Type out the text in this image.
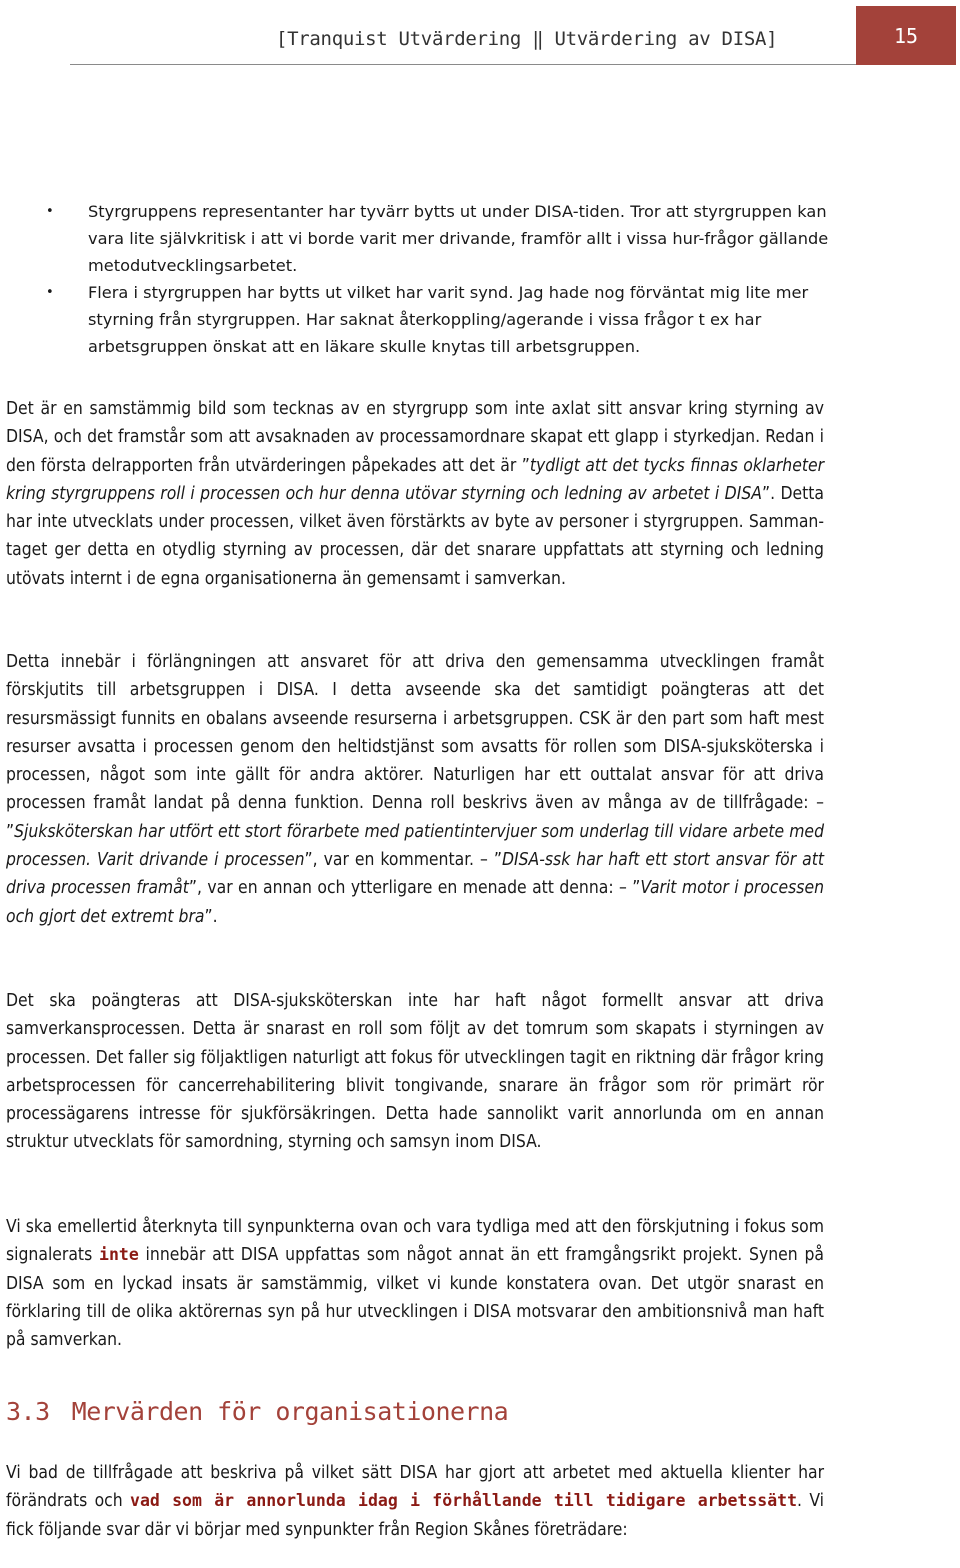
[Tranquist Utvärdering ‖ Utvärdering av DISA]	15
• Styrgruppens representanter har tyvärr bytts ut under DISA-tiden. Tror att styrgruppen kan vara lite självkritisk i att vi borde varit mer drivande, framför allt i vissa hur-frågor gällande metodutvecklingsarbetet.
• Flera i styrgruppen har bytts ut vilket har varit synd. Jag hade nog förväntat mig lite mer styrning från styrgruppen. Har saknat återkoppling/agerande i vissa frågor t ex har arbetsgruppen önskat att en läkare skulle knytas till arbetsgruppen.

Det är en samstämmig bild som tecknas av en styrgrupp som inte axlat sitt ansvar kring styrning av DISA, och det framstår som att avsaknaden av processamordnare skapat ett glapp i styrkedjan. Redan i den första delrapporten från utvärderingen påpekades att det är ”tydligt att det tycks finnas oklarheter kring styrgruppens roll i processen och hur denna utövar styrning och ledning av arbetet i DISA”. Detta har inte utvecklats under processen, vilket även förstärkts av byte av personer i styrgruppen. Sammantaget ger detta en otydlig styrning av processen, där det snarare uppfattats att styrning och ledning utövats internt i de egna organisationerna än gemensamt i samverkan.

Detta innebär i förlängningen att ansvaret för att driva den gemensamma utvecklingen framåt förskjutits till arbetsgruppen i DISA. I detta avseende ska det samtidigt poängteras att det resursmässigt funnits en obalans avseende resurserna i arbetsgruppen. CSK är den part som haft mest resurser avsatta i processen genom den heltidstjänst som avsatts för rollen som DISA-sjuksköterska i processen, något som inte gällt för andra aktörer. Naturligen har ett outtalat ansvar för att driva processen framåt landat på denna funktion. Denna roll beskrivs även av många av de tillfrågade: – ”Sjuksköterskan har utfört ett stort förarbete med patientintervjuer som underlag till vidare arbete med processen. Varit drivande i processen”, var en kommentar. – ”DISA-ssk har haft ett stort ansvar för att driva processen framåt”, var en annan och ytterligare en menade att denna: – ”Varit motor i processen och gjort det extremt bra”.

Det ska poängteras att DISA-sjuksköterskan inte har haft något formellt ansvar att driva samverkansprocessen. Detta är snarast en roll som följt av det tomrum som skapats i styrningen av processen. Det faller sig följaktligen naturligt att fokus för utvecklingen tagit en riktning där frågor kring arbetsprocessen för cancerrehabilitering blivit tongivande, snarare än frågor som rör primärt rör processägarens intresse för sjukförsäkringen. Detta hade sannolikt varit annorlunda om en annan struktur utvecklats för samordning, styrning och samsyn inom DISA.

Vi ska emellertid återknyta till synpunkterna ovan och vara tydliga med att den förskjutning i fokus som signalerats inte innebär att DISA uppfattas som något annat än ett framgångsrikt projekt. Synen på DISA som en lyckad insats är samstämmig, vilket vi kunde konstatera ovan. Det utgör snarast en förklaring till de olika aktörernas syn på hur utvecklingen i DISA motsvarar den ambitionsnivå man haft på samverkan.

3.3 Mervärden för organisationerna

Vi bad de tillfrågade att beskriva på vilket sätt DISA har gjort att arbetet med aktuella klienter har förändrats och vad som är annorlunda idag i förhållande till tidigare arbetssätt. Vi fick följande svar där vi börjar med synpunkter från Region Skånes företrädare:
